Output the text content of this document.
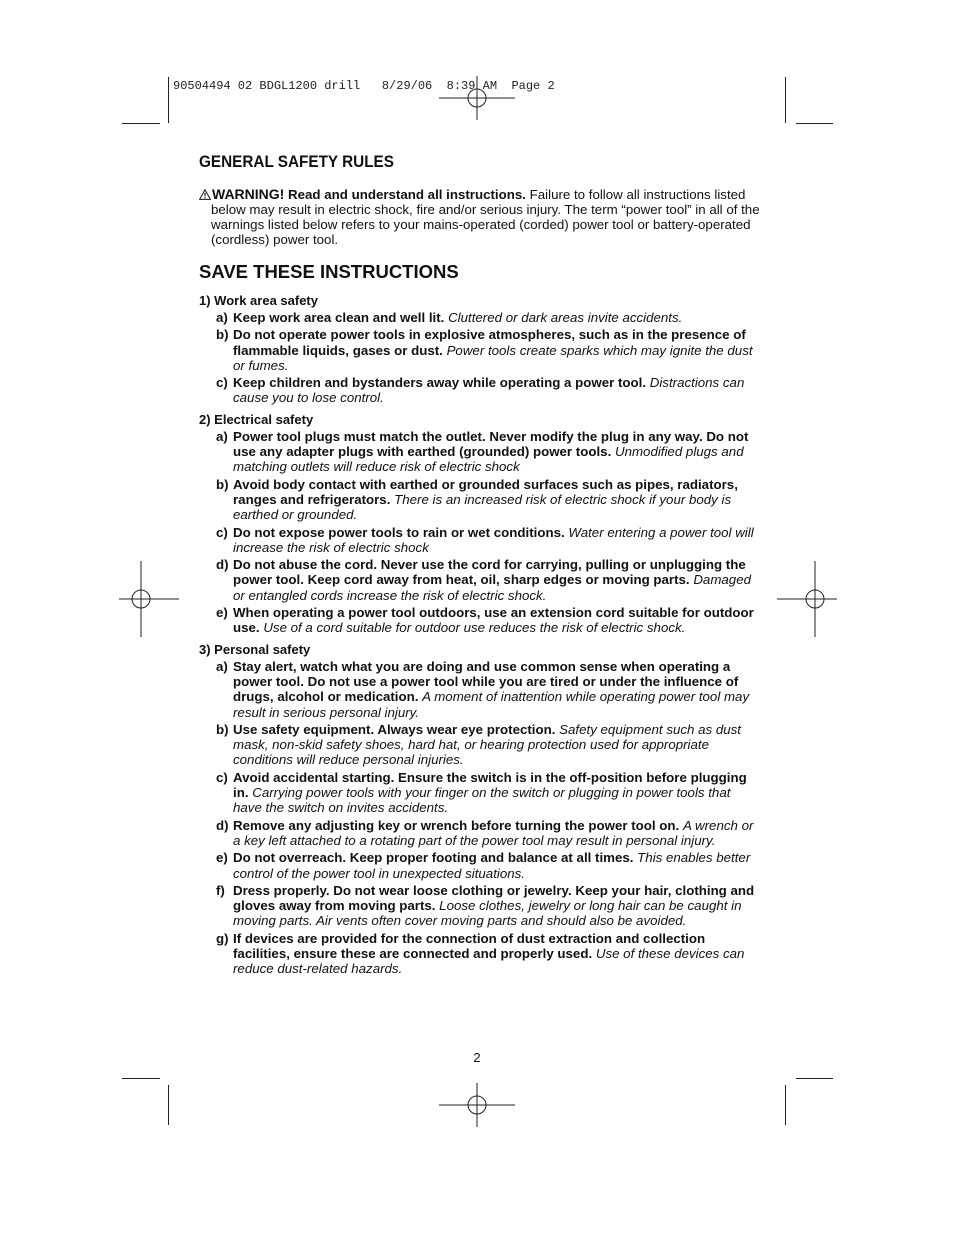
90504494 02 BDGL1200 drill   8/29/06  8:39 AM  Page 2
GENERAL SAFETY RULES
WARNING! Read and understand all instructions. Failure to follow all instructions listed below may result in electric shock, fire and/or serious injury. The term “power tool” in all of the warnings listed below refers to your mains-operated (corded) power tool or battery-operated (cordless) power tool.
SAVE THESE INSTRUCTIONS
1) Work area safety
a) Keep work area clean and well lit. Cluttered or dark areas invite accidents.
b) Do not operate power tools in explosive atmospheres, such as in the presence of flammable liquids, gases or dust. Power tools create sparks which may ignite the dust or fumes.
c) Keep children and bystanders away while operating a power tool. Distractions can cause you to lose control.
2) Electrical safety
a) Power tool plugs must match the outlet. Never modify the plug in any way. Do not use any adapter plugs with earthed (grounded) power tools. Unmodified plugs and matching outlets will reduce risk of electric shock
b) Avoid body contact with earthed or grounded surfaces such as pipes, radiators, ranges and refrigerators. There is an increased risk of electric shock if your body is earthed or grounded.
c) Do not expose power tools to rain or wet conditions. Water entering a power tool will increase the risk of electric shock
d) Do not abuse the cord. Never use the cord for carrying, pulling or unplugging the power tool. Keep cord away from heat, oil, sharp edges or moving parts. Damaged or entangled cords increase the risk of electric shock.
e) When operating a power tool outdoors, use an extension cord suitable for outdoor use. Use of a cord suitable for outdoor use reduces the risk of electric shock.
3) Personal safety
a) Stay alert, watch what you are doing and use common sense when operating a power tool. Do not use a power tool while you are tired or under the influence of drugs, alcohol or medication. A moment of inattention while operating power tool may result in serious personal injury.
b) Use safety equipment. Always wear eye protection. Safety equipment such as dust mask, non-skid safety shoes, hard hat, or hearing protection used for appropriate conditions will reduce personal injuries.
c) Avoid accidental starting. Ensure the switch is in the off-position before plugging in. Carrying power tools with your finger on the switch or plugging in power tools that have the switch on invites accidents.
d) Remove any adjusting key or wrench before turning the power tool on. A wrench or a key left attached to a rotating part of the power tool may result in personal injury.
e) Do not overreach. Keep proper footing and balance at all times. This enables better control of the power tool in unexpected situations.
f) Dress properly. Do not wear loose clothing or jewelry. Keep your hair, clothing and gloves away from moving parts. Loose clothes, jewelry or long hair can be caught in moving parts. Air vents often cover moving parts and should also be avoided.
g) If devices are provided for the connection of dust extraction and collection facilities, ensure these are connected and properly used. Use of these devices can reduce dust-related hazards.
2
